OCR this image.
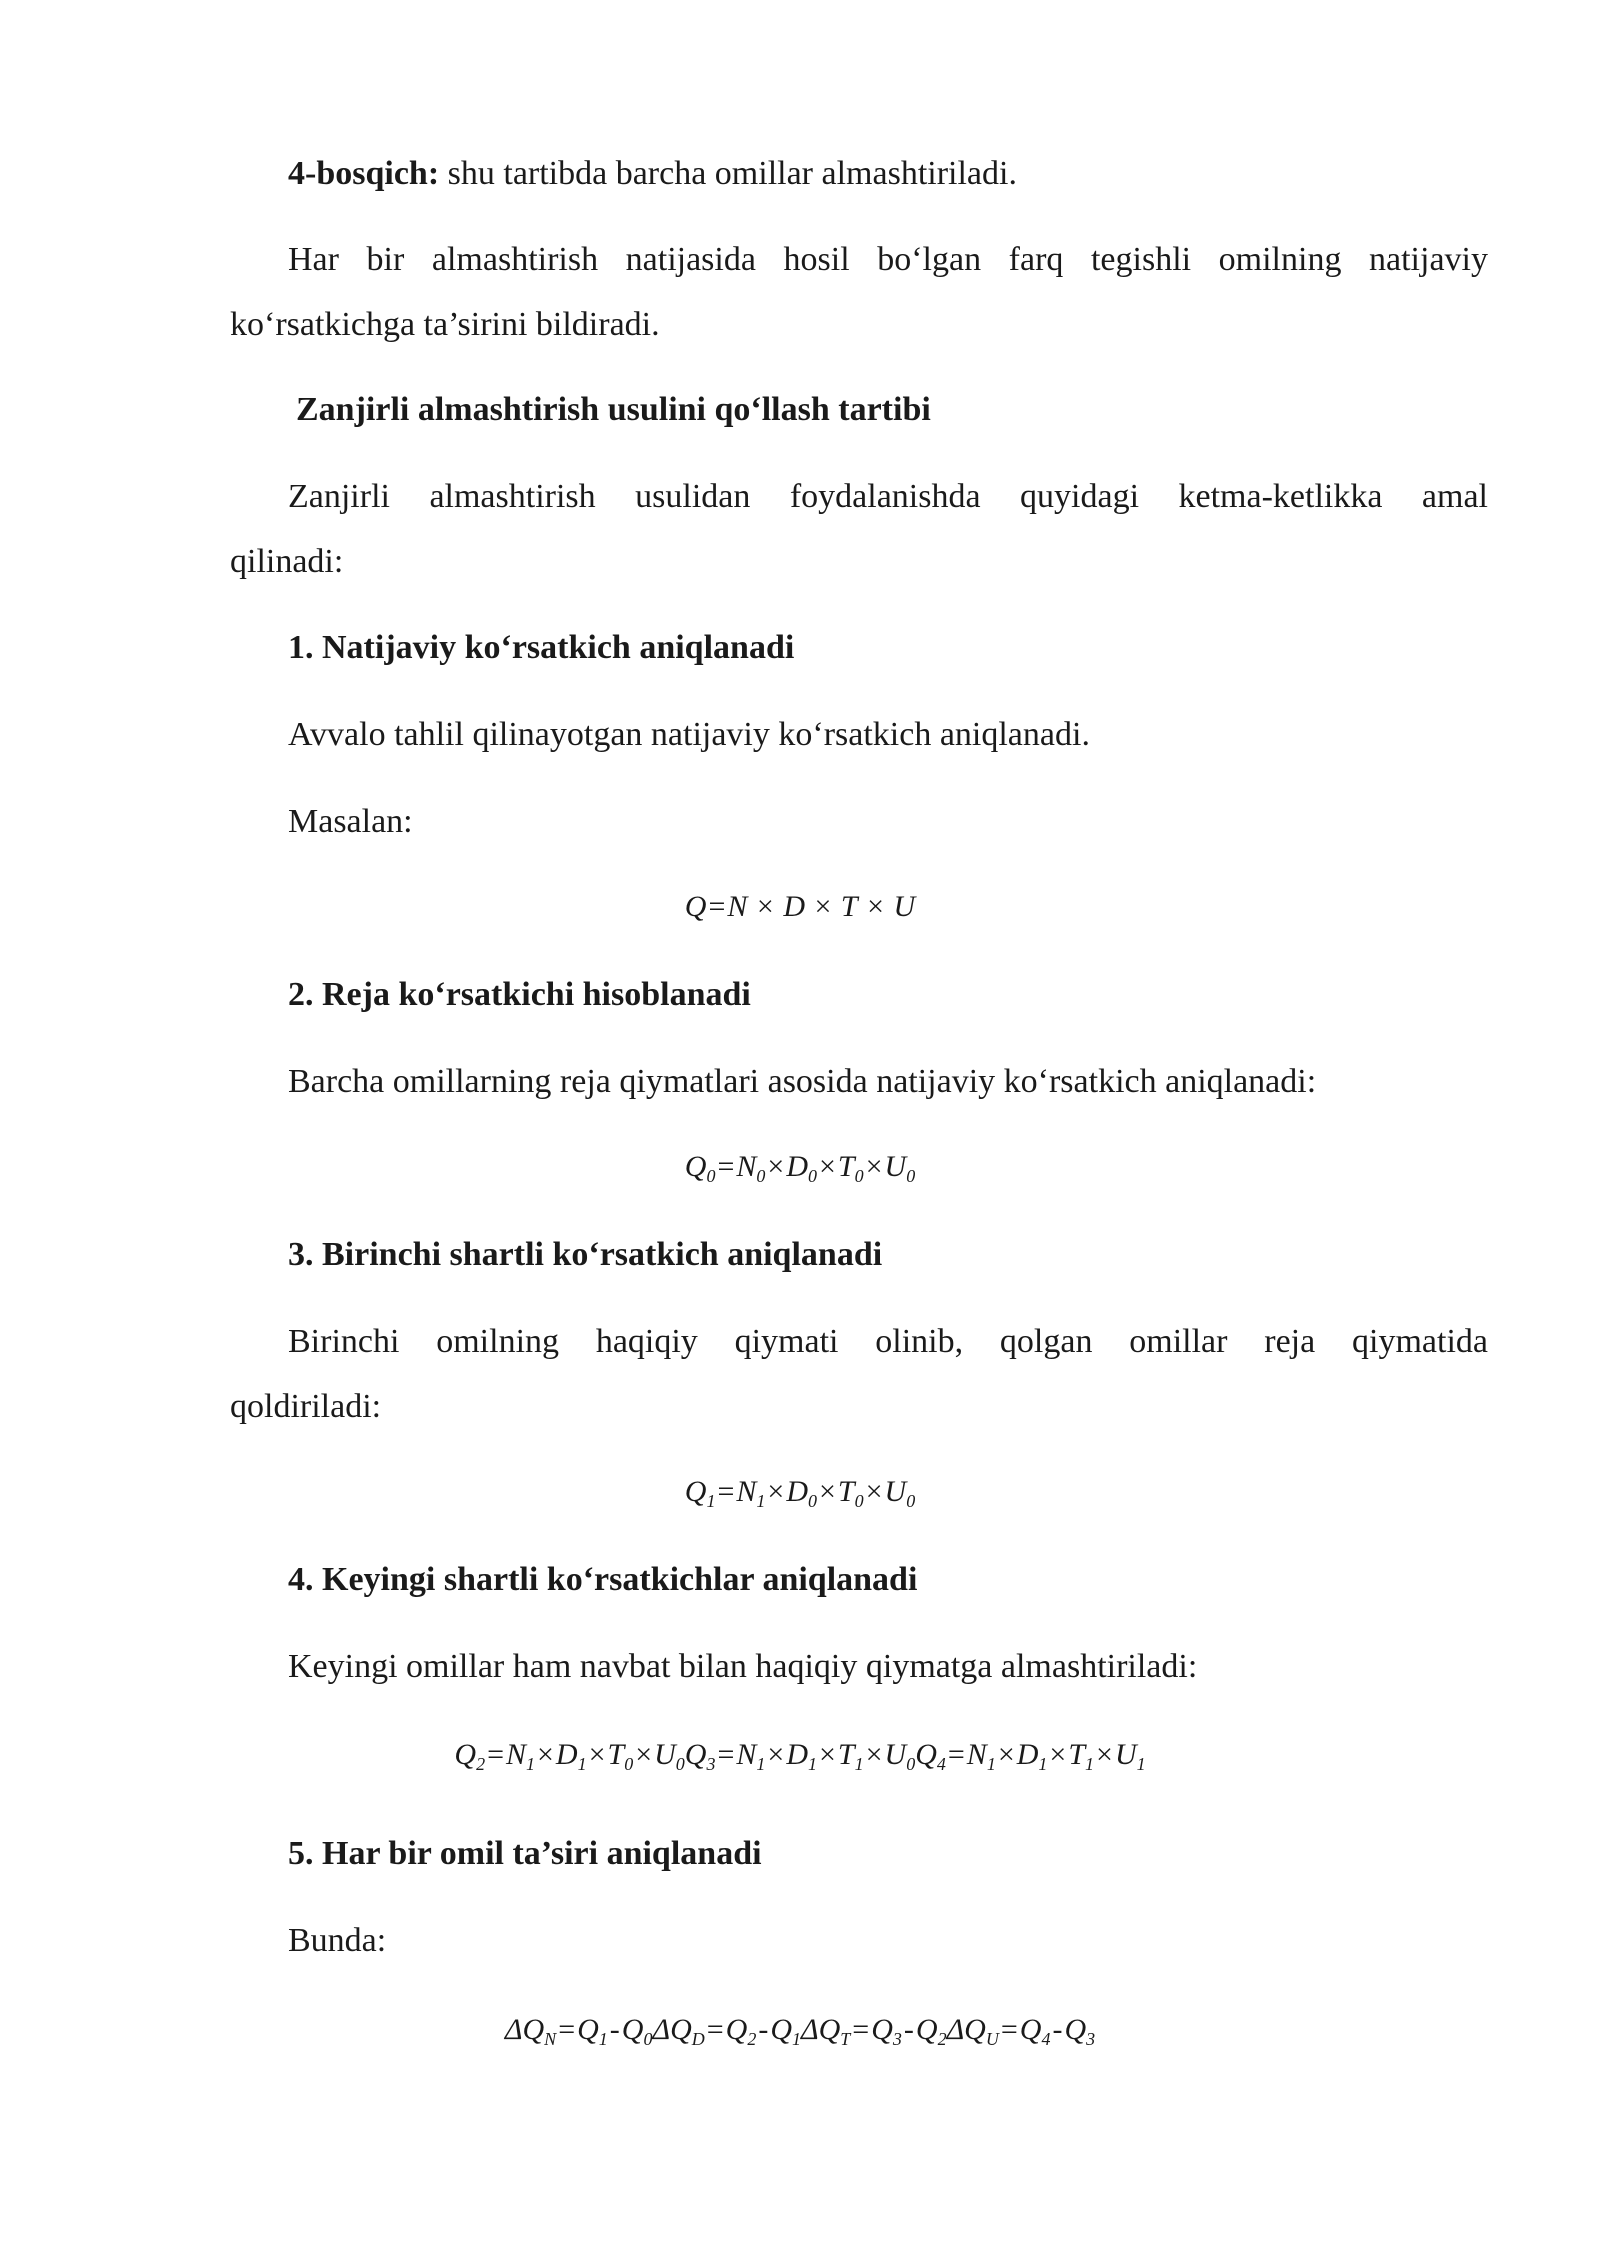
4-bosqich: shu tartibda barcha omillar almashtiriladi.
Har bir almashtirish natijasida hosil bo‘lgan farq tegishli omilning natijaviy
ko‘rsatkichga ta’sirini bildiradi.
Zanjirli almashtirish usulini qo‘llash tartibi
Zanjirli almashtirish usulidan foydalanishda quyidagi ketma-ketlikka amal
qilinadi:
1. Natijaviy ko‘rsatkich aniqlanadi
Avvalo tahlil qilinayotgan natijaviy ko‘rsatkich aniqlanadi.
Masalan:
Q=N × D × T × U
2. Reja ko‘rsatkichi hisoblanadi
Barcha omillarning reja qiymatlari asosida natijaviy ko‘rsatkich aniqlanadi:
$Q_0=N_0\times D_0\times T_0\times U_0$
3. Birinchi shartli ko‘rsatkich aniqlanadi
Birinchi omilning haqiqiy qiymati olinib, qolgan omillar reja qiymatida
qoldiriladi:
$Q_1=N_1\times D_0\times T_0\times U_0$
4. Keyingi shartli ko‘rsatkichlar aniqlanadi
Keyingi omillar ham navbat bilan haqiqiy qiymatga almashtiriladi:
$Q_2=N_1\times D_1\times T_0\times U_0Q_3=N_1\times D_1\times T_1\times U_0Q_4=N_1\times D_1\times T_1\times U_1$
5. Har bir omil ta’siri aniqlanadi
Bunda:
$\Delta Q_N=Q_1-Q_0\Delta Q_D=Q_2-Q_1\Delta Q_T=Q_3-Q_2\Delta Q_U=Q_4-Q_3$
